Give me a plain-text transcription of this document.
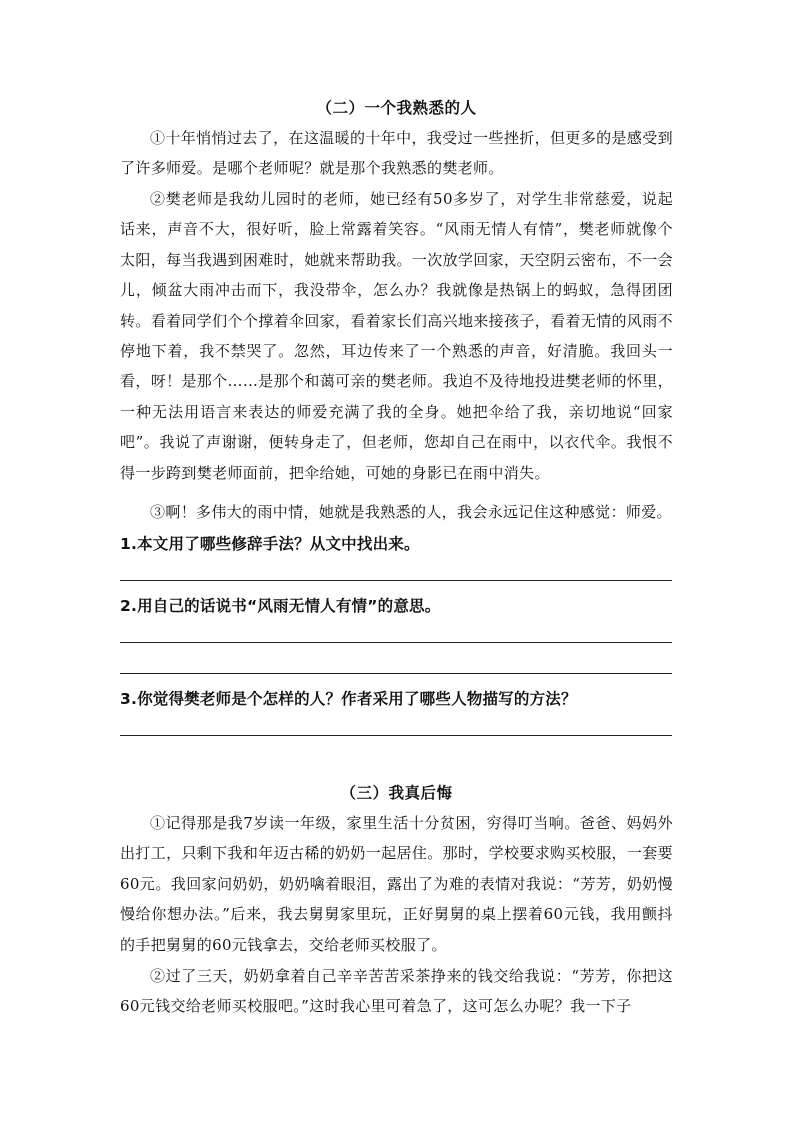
（二）一个我熟悉的人

①十年悄悄过去了，在这温暖的十年中，我受过一些挫折，但更多的是感受到了许多师爱。是哪个老师呢？就是那个我熟悉的樊老师。

②樊老师是我幼儿园时的老师，她已经有50多岁了，对学生非常慈爱，说起话来，声音不大，很好听，脸上常露着笑容。“风雨无情人有情”，樊老师就像个太阳，每当我遇到困难时，她就来帮助我。一次放学回家，天空阴云密布，不一会儿，倾盆大雨冲击而下，我没带伞，怎么办？我就像是热锅上的蚂蚁，急得团团转。看着同学们个个撑着伞回家，看着家长们高兴地来接孩子，看着无情的风雨不停地下着，我不禁哭了。忽然，耳边传来了一个熟悉的声音，好清脆。我回头一看，呀！是那个……是那个和蔼可亲的樊老师。我迫不及待地投进樊老师的怀里，一种无法用语言来表达的师爱充满了我的全身。她把伞给了我，亲切地说“回家吧”。我说了声谢谢，便转身走了，但老师，您却自己在雨中，以衣代伞。我恨不得一步跨到樊老师面前，把伞给她，可她的身影已在雨中消失。

③啊！多伟大的雨中情，她就是我熟悉的人，我会永远记住这种感觉：师爱。

1.本文用了哪些修辞手法？从文中找出来。
2.用自己的话说书“风雨无情人有情”的意思。
3.你觉得樊老师是个怎样的人？作者采用了哪些人物描写的方法？
（三）我真后悔

①记得那是我7岁读一年级，家里生活十分贫困，穷得叮当响。爸爸、妈妈外出打工，只剩下我和年迈古稀的奶奶一起居住。那时，学校要求购买校服，一套要60元。我回家问奶奶，奶奶噙着眼泪，露出了为难的表情对我说：“芳芳，奶奶慢慢给你想办法。”后来，我去舅舅家里玩，正好舅舅的桌上摆着60元钱，我用颤抖的手把舅舅的60元钱拿去，交给老师买校服了。

②过了三天，奶奶拿着自己辛辛苦苦采茶挣来的钱交给我说：“芳芳，你把这60元钱交给老师买校服吧。”这时我心里可着急了，这可怎么办呢？我一下子
